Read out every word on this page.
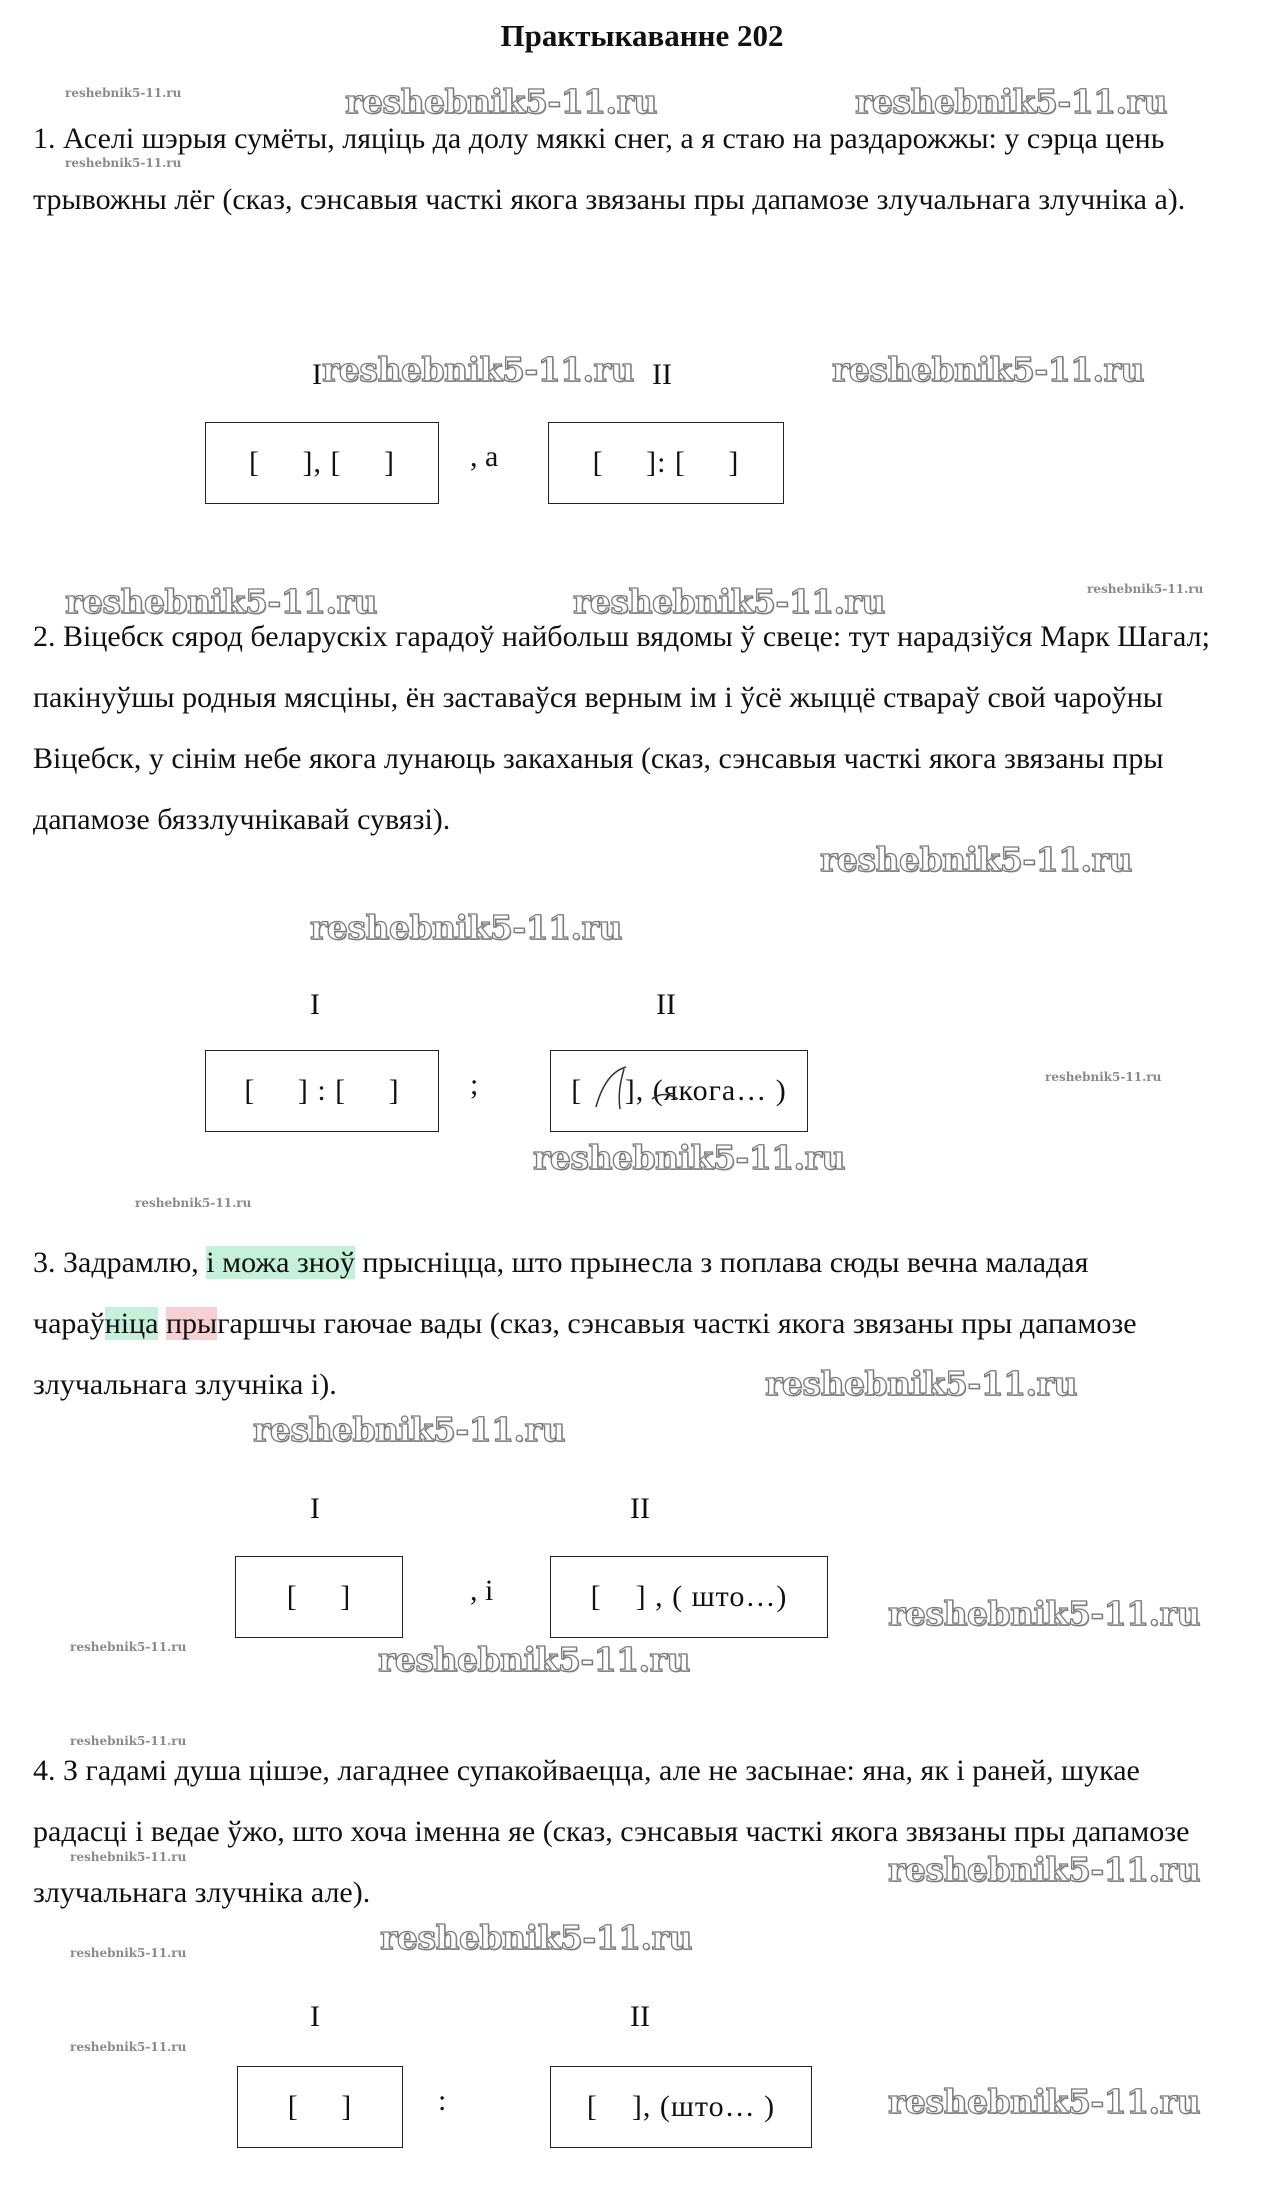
Практыкаванне 202
1. Аселі шэрыя сумёты, ляціць да долу мяккі снег, а я стаю на раздарожжы: у сэрца цень трывожны лёг (сказ, сэнсавыя часткі якога звязаны пры дапамозе злучальнага злучніка а).
I	II
[     ], [     ]	, а	[     ]: [     ]
2. Віцебск сярод беларускіх гарадоў найбольш вядомы ў свеце: тут нарадзіўся Марк Шагал; пакінуўшы родныя мясціны, ён заставаўся верным ім і ўсё жыццё ствараў свой чароўны Віцебск, у сінім небе якога лунаюць закаханыя (сказ, сэнсавыя часткі якога звязаны пры дапамозе бяззлучнікавай сувязі).
I	II
[     ] : [     ]	;	[     ], (якога… )
3. Задрамлю, і можа зноў прысніцца, што прынесла з поплава сюды вечна маладая чараўніца прыгаршчы гаючае вады (сказ, сэнсавыя часткі якога звязаны пры дапамозе злучальнага злучніка і).
I	II
[     ]	, і	[    ] , ( што…)
4. З гадамі душа цішэе, лагаднее супакойваецца, але не засынае: яна, як і раней, шукае радасці і ведае ўжо, што хоча іменна яе (сказ, сэнсавыя часткі якога звязаны пры дапамозе злучальнага злучніка але).
I	II
[     ]	:	[    ], (што… )
reshebnik5-11.ru	reshebnik5-11.ru
reshebnik5-11.ru	reshebnik5-11.ru
reshebnik5-11.ru	reshebnik5-11.ru
reshebnik5-11.ru
reshebnik5-11.ru
reshebnik5-11.ru
reshebnik5-11.ru
reshebnik5-11.ru
reshebnik5-11.ru
reshebnik5-11.ru
reshebnik5-11.ru
reshebnik5-11.ru
reshebnik5-11.ru
reshebnik5-11.ru
reshebnik5-11.ru
reshebnik5-11.ru
reshebnik5-11.ru
reshebnik5-11.ru
reshebnik5-11.ru
reshebnik5-11.ru
reshebnik5-11.ru
reshebnik5-11.ru
reshebnik5-11.ru
